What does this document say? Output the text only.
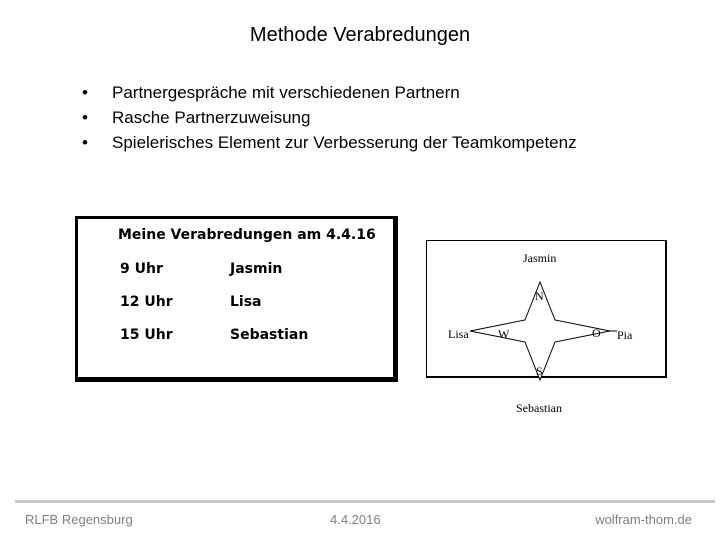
Methode Verabredungen
• Partnergespräche mit verschiedenen Partnern
• Rasche Partnerzuweisung
• Spielerisches Element zur Verbesserung der Teamkompetenz
Meine Verabredungen am 4.4.16
9 Uhr	Jasmin
12 Uhr	Lisa
15 Uhr	Sebastian
Jasmin
N
Lisa W	O Pia
S
Sebastian
RLFB Regensburg	4.4.2016	wolfram-thom.de
